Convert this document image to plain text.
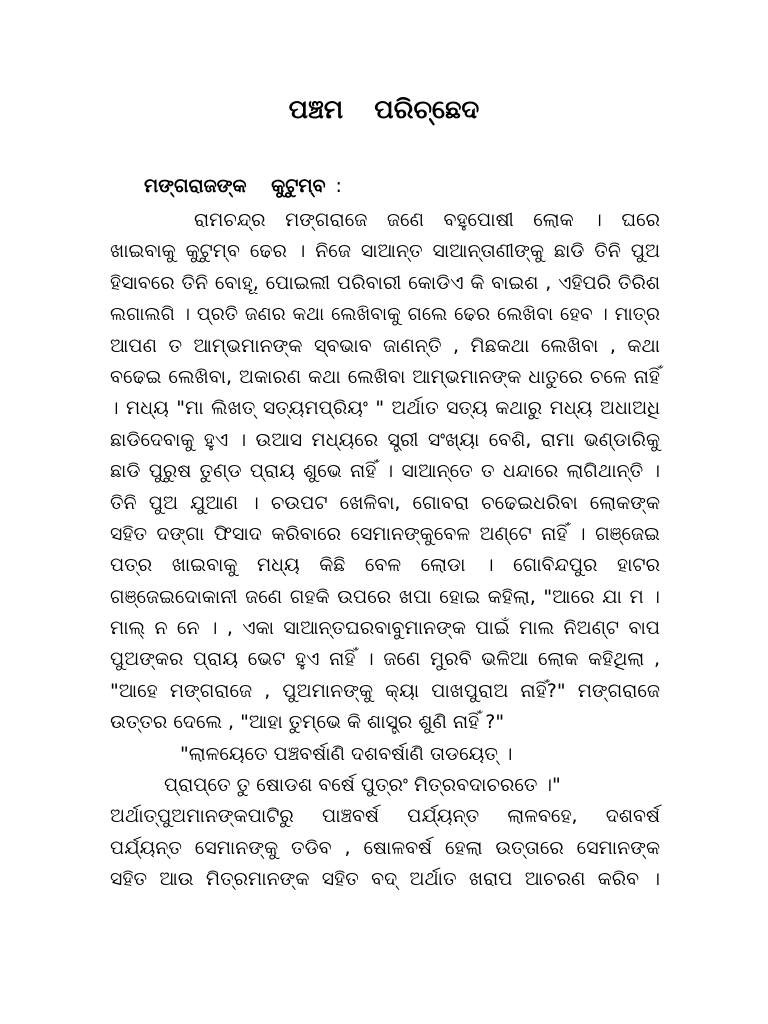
ପଞ୍ଚମ ପରିଚ୍ଛେଦ
ମଙ୍ଗରାଜଙ୍କ କୁଟୁମ୍ବ :
ରାମଚନ୍ଦ୍ର ମଙ୍ଗରାଜେ ଜଣେ ବହୁପୋଷୀ ଲୋକ । ଘରେ
ଖାଇବାକୁ କୁଟୁମ୍ବ ଢେର । ନିଜେ ସାଆନ୍ତ ସାଆନ୍ତାଣୀଙ୍କୁ ଛାଡି ତିନି ପୁଅ
ହିସାବରେ ତିନି ବୋହୂ, ପୋଇଲୀ ପରିବାରୀ କୋଡିଏ କି ବାଇଶ , ଏହିପରି ତିରିଶ
ଲଗାଲଗି । ପ୍ରତି ଜଣର କଥା ଲେଖିବାକୁ ଗଲେ ଢେର ଲେଖିବା ହେବ । ମାତ୍ର
ଆପଣ ତ ଆମ୍ଭମାନଙ୍କ ସ୍ବଭାବ ଜାଣନ୍ତି , ମିଛକଥା ଲେଖିବା , କଥା
ବଢେଇ ଲେଖିବା, ଅକାରଣ କଥା ଲେଖିବା ଆମ୍ଭମାନଙ୍କ ଧାତୁରେ ଚଳେ ନାହିଁ
। ମଧ୍ୟ "ମା ଲିଖତ୍ ସତ୍ୟମପ୍ରିୟଂ " ଅର୍ଥାତ ସତ୍ୟ କଥାରୁ ମଧ୍ୟ ଅଧାଅଧି
ଛାଡିଦେବାକୁ ହୁଏ । ଉଆସ ମଧ୍ୟରେ ସ୍ତ୍ରୀ ସଂଖ୍ୟା ବେଶି, ରାମା ଭଣ୍ଡାରିକୁ
ଛାଡି ପୁରୁଷ ତୁଣ୍ଡ ପ୍ରାୟ ଶୁଭେ ନାହିଁ । ସାଆନ୍ତେ ତ ଧନ୍ଦାରେ ଲାଗିଥାନ୍ତି ।
ତିନି ପୁଅ ଯୁଆଣ । ଚଉପଟ ଖେଳିବା, ଗୋବରା ଚଢେଇଧରିବା ଲୋକଙ୍କ
ସହିତ ଦଙ୍ଗା ଫିସାଦ କରିବାରେ ସେମାନଙ୍କୁବେଳ ଅଣ୍ଟେ ନାହିଁ । ଗଞ୍ଜେଇ
ପତ୍ର ଖାଇବାକୁ ମଧ୍ୟ କିଛି ବେଳ ଲୋଡା । ଗୋବିନ୍ଦପୁର ହାଟର
ଗଞ୍ଜେଇଦୋକାନୀ ଜଣେ ଗହକି ଉପରେ ଖପା ହୋଇ କହିଲା, "ଆରେ ଯା ମ ।
ମାଲ୍ ନ ନେ । , ଏକା ସାଆନ୍ତଘରବାବୁମାନଙ୍କ ପାଇଁ ମାଲ ନିଅଣ୍ଟ ବାପ
ପୁଅଙ୍କର ପ୍ରାୟ ଭେଟ ହୁଏ ନାହିଁ । ଜଣେ ମୁରବି ଭଳିଆ ଲୋକ କହିଥିଲା ,
"ଆହେ ମଙ୍ଗରାଜେ , ପୁଅମାନଙ୍କୁ କ୍ୟା ପାଖପୁରାଅ ନାହିଁ?" ମଙ୍ଗରାଜେ
ଉତ୍ତର ଦେଲେ , "ଆହା ତୁମ୍ଭେ କି ଶାସ୍ତ୍ର ଶୁଣି ନାହିଁ ?"
"ଲାଳୟେତେ ପଞ୍ଚବର୍ଷାଣି ଦଶବର୍ଷାଣି ତାଡୟେତ୍ ।
ପ୍ରାପ୍ତେ ତୁ ଷୋଡଶ ବର୍ଷେ ପୁତ୍ରଂ ମିତ୍ରବଦାଚରତେ ।"
ଅର୍ଥାତ୍ପୁଅମାନଙ୍କପାଟିରୁ ପାଞ୍ଚବର୍ଷ ପର୍ଯ୍ୟନ୍ତ ଲାଳବହେ, ଦଶବର୍ଷ
ପର୍ଯ୍ୟନ୍ତ ସେମାନଙ୍କୁ ତଡିବ , ଷୋଳବର୍ଷ ହେଲା ଉତ୍ତାରେ ସେମାନଙ୍କ
ସହିତ ଆଉ ମିତ୍ରମାନଙ୍କ ସହିତ ବଦ୍ ଅର୍ଥାତ ଖରାପ ଆଚରଣ କରିବ ।
